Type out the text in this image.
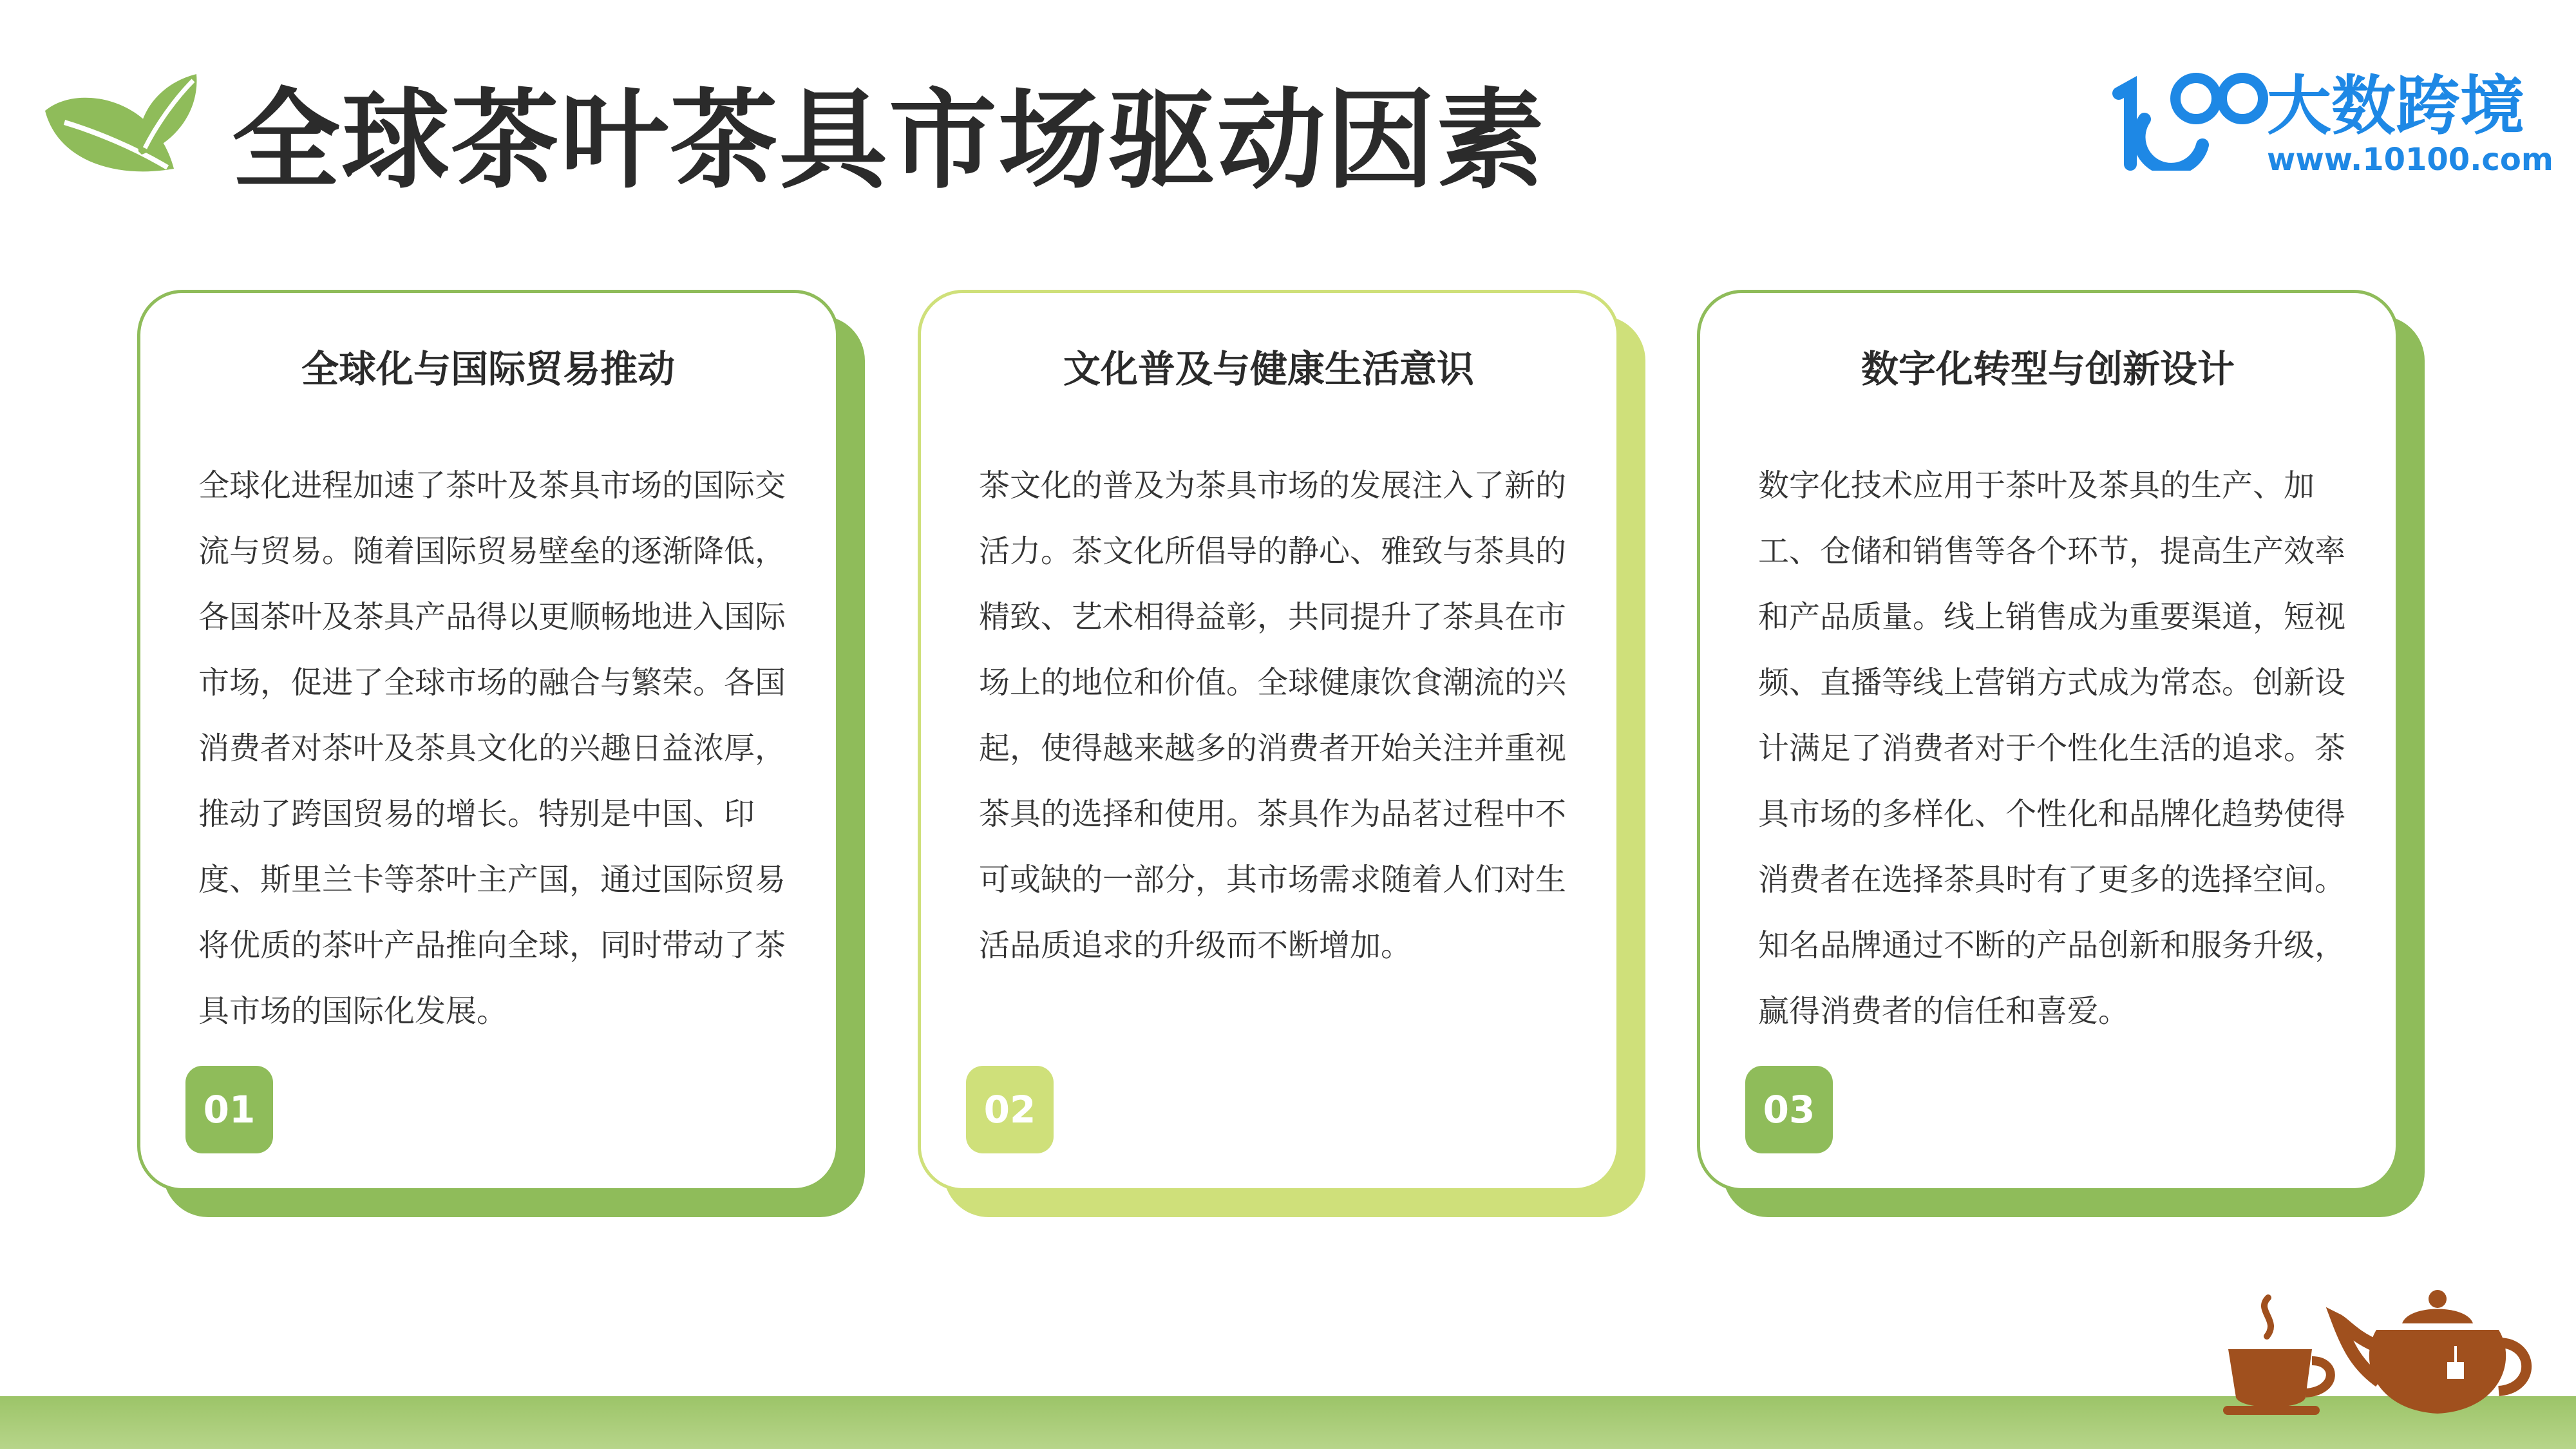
全球茶叶茶具市场驱动因素	大数跨境
www.10100.com
全球化与国际贸易推动
全球化进程加速了茶叶及茶具市场的国际交流与贸易。随着国际贸易壁垒的逐渐降低，各国茶叶及茶具产品得以更顺畅地进入国际市场，促进了全球市场的融合与繁荣。各国消费者对茶叶及茶具文化的兴趣日益浓厚，推动了跨国贸易的增长。特别是中国、印度、斯里兰卡等茶叶主产国，通过国际贸易将优质的茶叶产品推向全球，同时带动了茶具市场的国际化发展。
01
文化普及与健康生活意识
茶文化的普及为茶具市场的发展注入了新的活力。茶文化所倡导的静心、雅致与茶具的精致、艺术相得益彰，共同提升了茶具在市场上的地位和价值。全球健康饮食潮流的兴起，使得越来越多的消费者开始关注并重视茶具的选择和使用。茶具作为品茗过程中不可或缺的一部分，其市场需求随着人们对生活品质追求的升级而不断增加。
02
数字化转型与创新设计
数字化技术应用于茶叶及茶具的生产、加工、仓储和销售等各个环节，提高生产效率和产品质量。线上销售成为重要渠道，短视频、直播等线上营销方式成为常态。创新设计满足了消费者对于个性化生活的追求。茶具市场的多样化、个性化和品牌化趋势使得消费者在选择茶具时有了更多的选择空间。知名品牌通过不断的产品创新和服务升级，赢得消费者的信任和喜爱。
03
